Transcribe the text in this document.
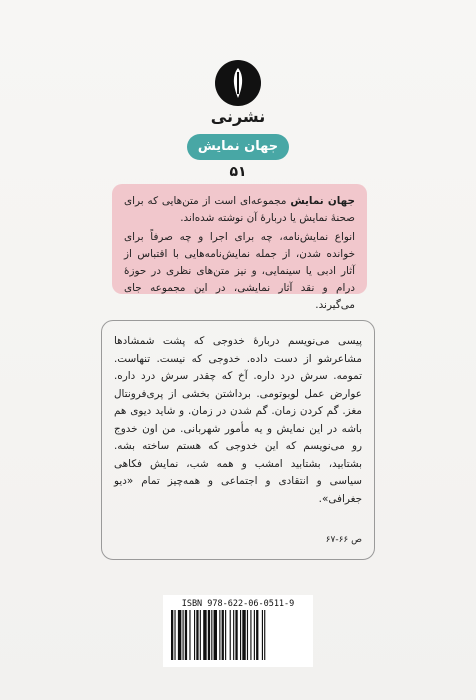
نشرنی
جهان نمایش
۵۱

جهان نمایش مجموعه‌ای است از متن‌هایی که برای صحنهٔ نمایش یا دربارهٔ آن نوشته شده‌اند.

انواع نمایش‌نامه، چه برای اجرا و چه صرفاً برای خوانده شدن، از جمله نمایش‌نامه‌هایی با اقتباس از آثار ادبی یا سینمایی، و نیز متن‌های نظری در حوزهٔ درام و نقد آثار نمایشی، در این مجموعه جای می‌گیرند.

پیسی می‌نویسم دربارهٔ خدوجی که پشت شمشادها مشاعرشو از دست داده. خدوجی که نیست. تنهاست. تمومه. سرش درد داره. آخ که چقدر سرش درد داره. عوارض عمل لوبوتومی. برداشتن بخشی از پری‌فرونتال مغز. گم کردن زمان. گم شدن در زمان. و شاید دیوی هم باشه در این نمایش و یه مأمور شهربانی. من اون خدوج رو می‌نویسم که این خدوجی که هستم ساخته بشه. بشتابید، بشتابید امشب و همه شب، نمایش فکاهی سیاسی و انتقادی و اجتماعی و همه‌چیز تمام «دیو جغرافی».

ص ۶۶-۶۷
ISBN 978-622-06-0511-9
